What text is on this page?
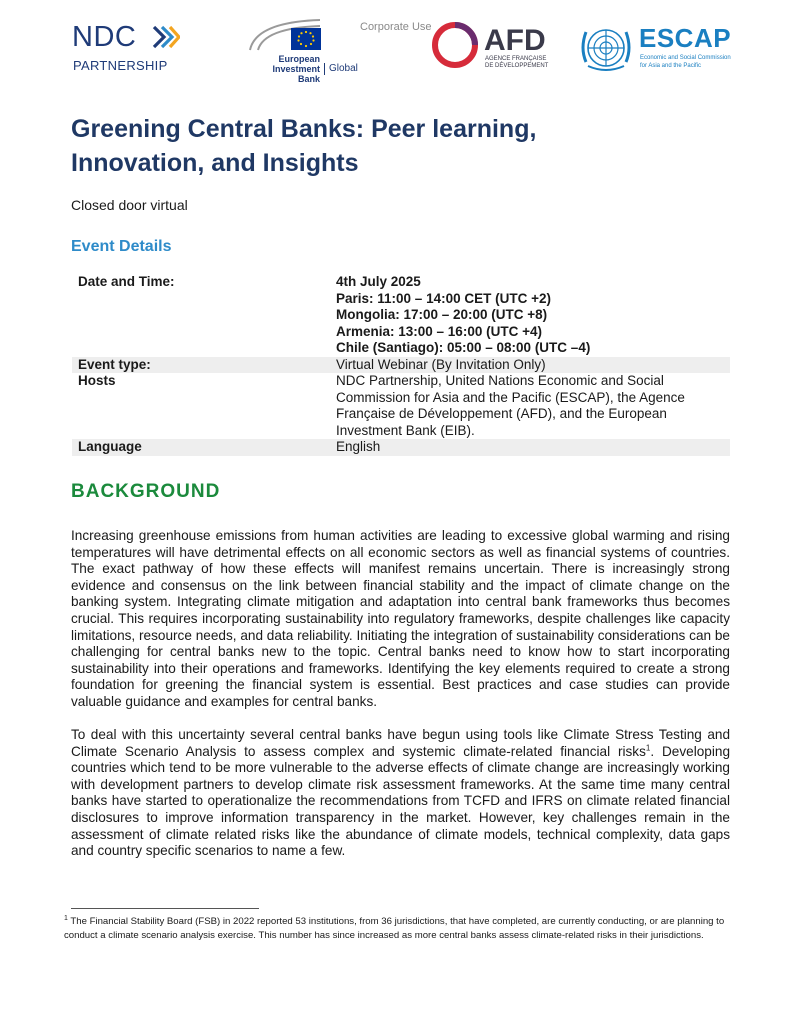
Corporate Use
NDC
PARTNERSHIP	European
Investment Bank
Global
AFD
AGENCE FRANÇAISE
DE DÉVELOPPEMENT
ESCAP
Economic and Social Commission
for Asia and the Pacific
Greening Central Banks: Peer learning,
Innovation, and Insights
Closed door virtual
Event Details
Date and Time:	4th July 2025
Paris: 11:00 – 14:00 CET (UTC +2)
Mongolia: 17:00 – 20:00 (UTC +8)
Armenia: 13:00 – 16:00 (UTC +4)
Chile (Santiago): 05:00 – 08:00 (UTC –4)
Event type:	Virtual Webinar (By Invitation Only)
Hosts	NDC Partnership, United Nations Economic and Social Commission for Asia and the Pacific (ESCAP), the Agence Française de Développement (AFD), and the European Investment Bank (EIB).
Language	English
BACKGROUND

Increasing greenhouse emissions from human activities are leading to excessive global warming and rising temperatures will have detrimental effects on all economic sectors as well as financial systems of countries. The exact pathway of how these effects will manifest remains uncertain. There is increasingly strong evidence and consensus on the link between financial stability and the impact of climate change on the banking system. Integrating climate mitigation and adaptation into central bank frameworks thus becomes crucial. This requires incorporating sustainability into regulatory frameworks, despite challenges like capacity limitations, resource needs, and data reliability. Initiating the integration of sustainability considerations can be challenging for central banks new to the topic. Central banks need to know how to start incorporating sustainability into their operations and frameworks. Identifying the key elements required to create a strong foundation for greening the financial system is essential. Best practices and case studies can provide valuable guidance and examples for central banks.

To deal with this uncertainty several central banks have begun using tools like Climate Stress Testing and Climate Scenario Analysis to assess complex and systemic climate-related financial risks$^1$. Developing countries which tend to be more vulnerable to the adverse effects of climate change are increasingly working with development partners to develop climate risk assessment frameworks. At the same time many central banks have started to operationalize the recommendations from TCFD and IFRS on climate related financial disclosures to improve information transparency in the market. However, key challenges remain in the assessment of climate related risks like the abundance of climate models, technical complexity, data gaps and country specific scenarios to name a few.

$^1$ The Financial Stability Board (FSB) in 2022 reported 53 institutions, from 36 jurisdictions, that have completed, are currently conducting, or are planning to conduct a climate scenario analysis exercise. This number has since increased as more central banks assess climate-related risks in their jurisdictions.
